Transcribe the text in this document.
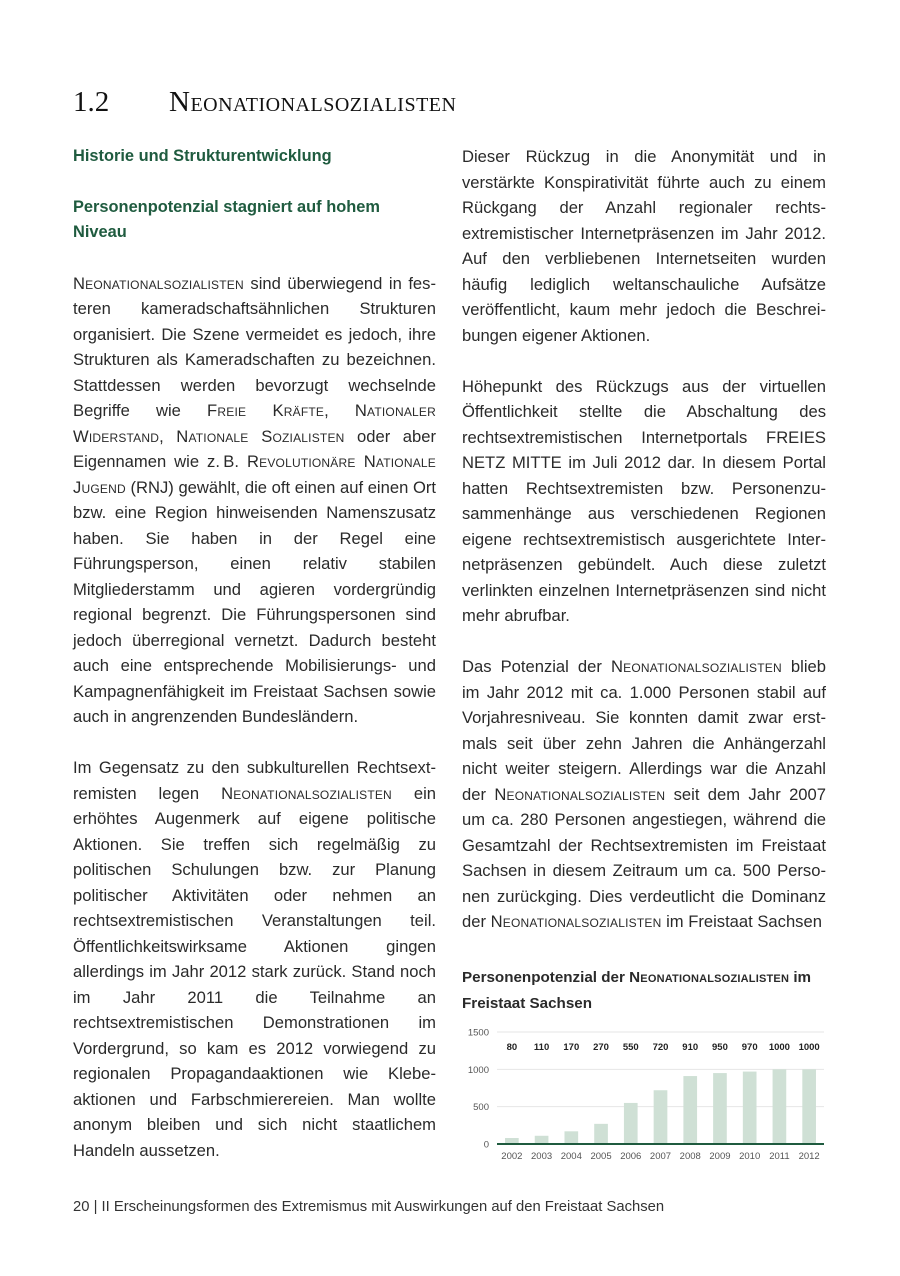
1.2 Neonationalsozialisten
Historie und Strukturentwicklung
Personenpotenzial stagniert auf hohem Niveau

Neonationalsozialisten sind überwiegend in festeren kameradschaftsähnlichen Strukturen organisiert. Die Szene vermeidet es jedoch, ihre Strukturen als Kameradschaften zu bezeichnen. Stattdessen werden bevorzugt wechselnde Begriffe wie Freie Kräfte, Nationaler Widerstand, Nationale Sozialisten oder aber Eigennamen wie z. B. Revolutionäre Nationale Jugend (RNJ) gewählt, die oft einen auf einen Ort bzw. eine Region hinweisenden Namenszusatz haben. Sie haben in der Regel eine Führungsperson, einen relativ stabilen Mitgliederstamm und agieren vordergründig regional begrenzt. Die Führungspersonen sind jedoch überregional vernetzt. Dadurch besteht auch eine entsprechende Mobilisierungs- und Kampagnenfähigkeit im Freistaat Sachsen sowie auch in angrenzenden Bundesländern.

Im Gegensatz zu den subkulturellen Rechtsextremisten legen Neonationalsozialisten ein erhöhtes Augenmerk auf eigene politische Aktionen. Sie treffen sich regelmäßig zu politischen Schulungen bzw. zur Planung politischer Aktivitäten oder nehmen an rechtsextremistischen Veranstaltungen teil. Öffentlichkeitswirksame Aktionen gingen allerdings im Jahr 2012 stark zurück. Stand noch im Jahr 2011 die Teilnahme an rechtsextremistischen Demonstrationen im Vordergrund, so kam es 2012 vorwiegend zu regionalen Propagandaaktionen wie Klebeaktionen und Farbschmierereien. Man wollte anonym bleiben und sich nicht staatlichem Handeln aussetzen.

Dieser Rückzug in die Anonymität und in verstärkte Konspirativität führte auch zu einem Rückgang der Anzahl regionaler rechtsextremistischer Internetpräsenzen im Jahr 2012. Auf den verbliebenen Internetseiten wurden häufig lediglich weltanschauliche Aufsätze veröffentlicht, kaum mehr jedoch die Beschreibungen eigener Aktionen.

Höhepunkt des Rückzugs aus der virtuellen Öffentlichkeit stellte die Abschaltung des rechtsextremistischen Internetportals FREIES NETZ MITTE im Juli 2012 dar. In diesem Portal hatten Rechtsextremisten bzw. Personenzusammenhänge aus verschiedenen Regionen eigene rechtsextremistisch ausgerichtete Internetpräsenzen gebündelt. Auch diese zuletzt verlinkten einzelnen Internetpräsenzen sind nicht mehr abrufbar.

Das Potenzial der Neonationalsozialisten blieb im Jahr 2012 mit ca. 1.000 Personen stabil auf Vorjahresniveau. Sie konnten damit zwar erstmals seit über zehn Jahren die Anhängerzahl nicht weiter steigern. Allerdings war die Anzahl der Neonationalsozialisten seit dem Jahr 2007 um ca. 280 Personen angestiegen, während die Gesamtzahl der Rechtsextremisten im Freistaat Sachsen in diesem Zeitraum um ca. 500 Personen zurückging. Dies verdeutlicht die Dominanz der Neonationalsozialisten im Freistaat Sachsen

Personenpotenzial der Neonationalsozialisten im Freistaat Sachsen
0
500
1000
1500
80
2002
110
2003
170
2004
270
2005
550
2006
720
2007
910
2008
950
2009
970
2010
1000
2011
1000
2012
20 | II Erscheinungsformen des Extremismus mit Auswirkungen auf den Freistaat Sachsen
